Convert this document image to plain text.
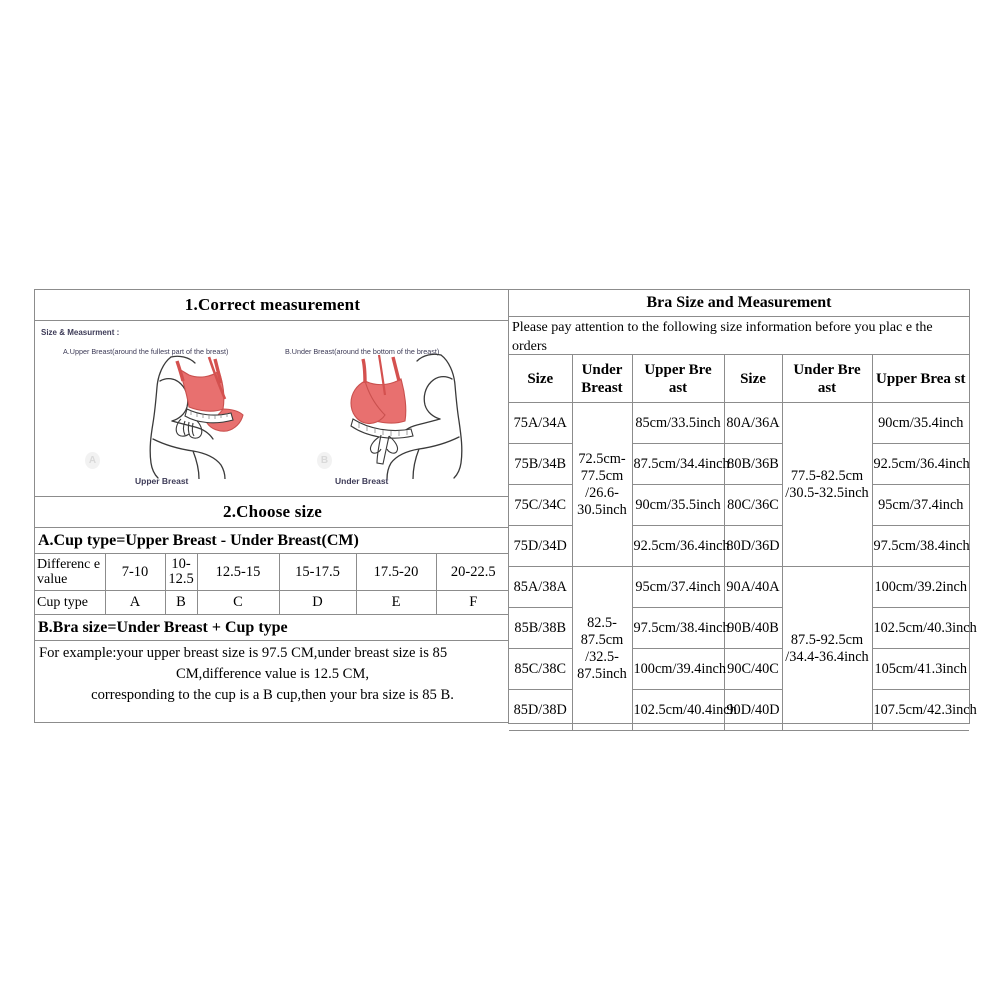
1.Correct measurement
Size & Measurment :
A.Upper Breast(around the fullest part of the breast)	B.Under Breast(around the bottom of the breast)
A	B
Upper Breast	Under Breast
2.Choose size
A.Cup type=Upper Breast - Under Breast(CM)
Differenc e value	7-10	10-12.5	12.5-15	15-17.5	17.5-20	20-22.5
Cup type	A	B	C	D	E	F
B.Bra size=Under Breast + Cup type
For example:your upper breast size is 97.5 CM,under breast size is 85
CM,difference value is 12.5 CM,
corresponding to the cup is a B cup,then your bra size is 85 B.
Bra Size and Measurement
Please pay attention to the following size information before you plac e the orders
Size	Under Breast	Upper Bre ast	Size	Under Bre ast	Upper Brea st
75A/34A	72.5cm-77.5cm /26.6-30.5inch	85cm/33.5inch	80A/36A	77.5-82.5cm /30.5-32.5inch	90cm/35.4inch
75B/34B		87.5cm/34.4inch	80B/36B		92.5cm/36.4inch
75C/34C		90cm/35.5inch	80C/36C		95cm/37.4inch
75D/34D		92.5cm/36.4inch	80D/36D		97.5cm/38.4inch
85A/38A	82.5-87.5cm /32.5-87.5inch	95cm/37.4inch	90A/40A	87.5-92.5cm /34.4-36.4inch	100cm/39.2inch
85B/38B		97.5cm/38.4inch	90B/40B		102.5cm/40.3inch
85C/38C		100cm/39.4inch	90C/40C		105cm/41.3inch
85D/38D		102.5cm/40.4inch	90D/40D		107.5cm/42.3inch
